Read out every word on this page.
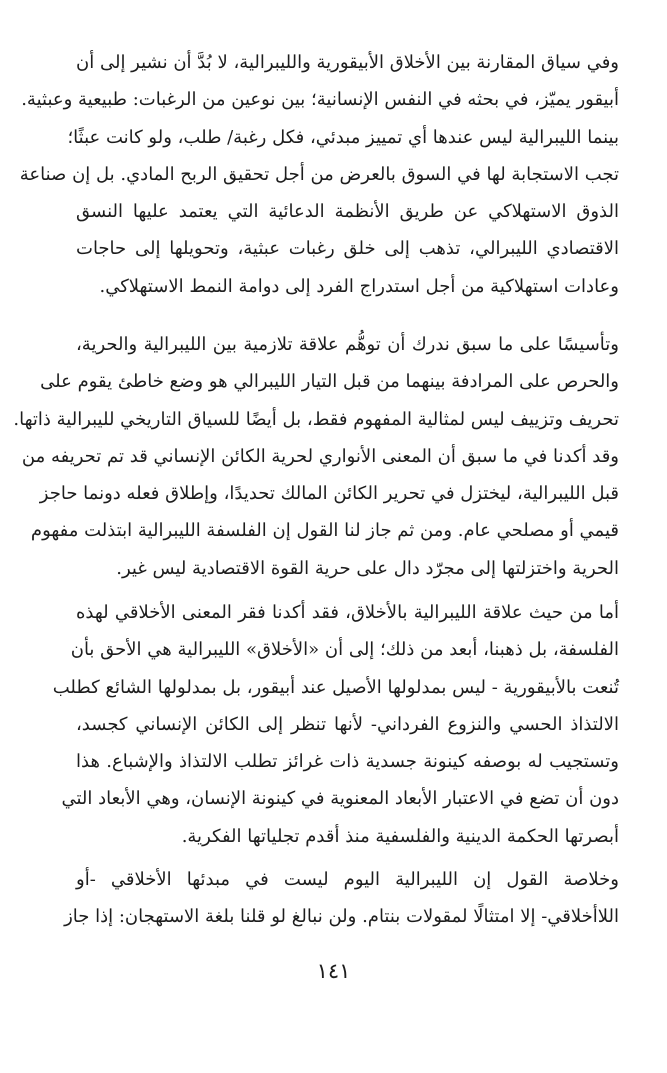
وفي سياق المقارنة بين الأخلاق الأبيقورية والليبرالية، لا بُدَّ أن نشير إلى أن
أبيقور يميّز، في بحثه في النفس الإنسانية؛ بين نوعين من الرغبات: طبيعية وعبثية.
بينما الليبرالية ليس عندها أي تمييز مبدئي، فكل رغبة/ طلب، ولو كانت عبثًا؛
تجب الاستجابة لها في السوق بالعرض من أجل تحقيق الربح المادي. بل إن صناعة
الذوق الاستهلاكي عن طريق الأنظمة الدعائية التي يعتمد عليها النسق
الاقتصادي الليبرالي، تذهب إلى خلق رغبات عبثية، وتحويلها إلى حاجات
وعادات استهلاكية من أجل استدراج الفرد إلى دوامة النمط الاستهلاكي.

وتأسيسًا على ما سبق ندرك أن توهُّم علاقة تلازمية بين الليبرالية والحرية،
والحرص على المرادفة بينهما من قبل التيار الليبرالي هو وضع خاطئ يقوم على
تحريف وتزييف ليس لمثالية المفهوم فقط، بل أيضًا للسياق التاريخي لليبرالية ذاتها.
وقد أكدنا في ما سبق أن المعنى الأنواري لحرية الكائن الإنساني قد تم تحريفه من
قبل الليبرالية، ليختزل في تحرير الكائن المالك تحديدًا، وإطلاق فعله دونما حاجز
قيمي أو مصلحي عام. ومن ثم جاز لنا القول إن الفلسفة الليبرالية ابتذلت مفهوم
الحرية واختزلتها إلى مجرّد دال على حرية القوة الاقتصادية ليس غير.

أما من حيث علاقة الليبرالية بالأخلاق، فقد أكدنا فقر المعنى الأخلاقي لهذه
الفلسفة، بل ذهبنا، أبعد من ذلك؛ إلى أن «الأخلاق» الليبرالية هي الأحق بأن
تُنعت بالأبيقورية - ليس بمدلولها الأصيل عند أبيقور، بل بمدلولها الشائع كطلب
الالتذاذ الحسي والنزوع الفرداني- لأنها تنظر إلى الكائن الإنساني كجسد،
وتستجيب له بوصفه كينونة جسدية ذات غرائز تطلب الالتذاذ والإشباع. هذا
دون أن تضع في الاعتبار الأبعاد المعنوية في كينونة الإنسان، وهي الأبعاد التي
أبصرتها الحكمة الدينية والفلسفية منذ أقدم تجلياتها الفكرية.

وخلاصة القول إن الليبرالية اليوم ليست في مبدئها الأخلاقي -أو
اللاأخلاقي- إلا امتثالًا لمقولات بنتام. ولن نبالغ لو قلنا بلغة الاستهجان: إذا جاز

١٤١
